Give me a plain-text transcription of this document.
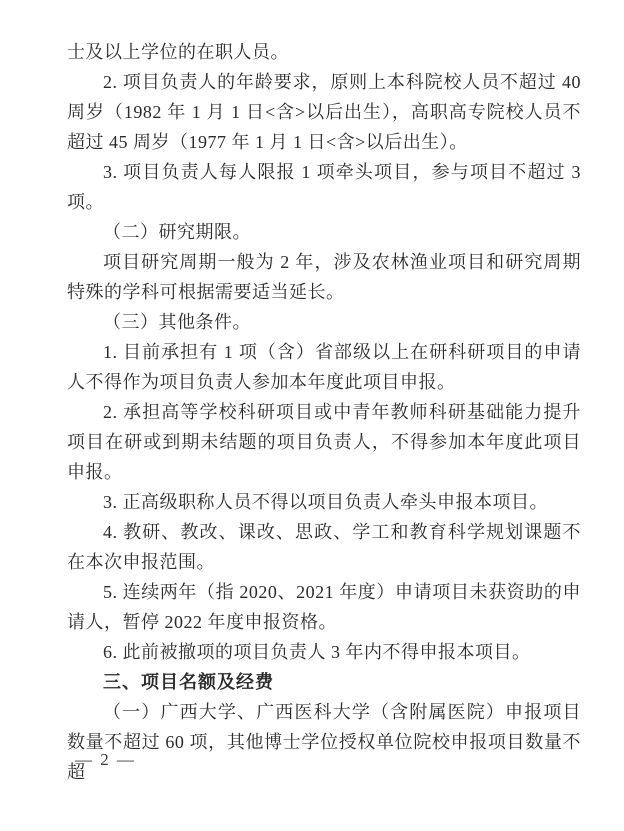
士及以上学位的在职人员。

2. 项目负责人的年龄要求，原则上本科院校人员不超过 40 周岁（1982 年 1 月 1 日<含>以后出生），高职高专院校人员不超过 45 周岁（1977 年 1 月 1 日<含>以后出生）。

3. 项目负责人每人限报 1 项牵头项目，参与项目不超过 3 项。

（二）研究期限。

项目研究周期一般为 2 年，涉及农林渔业项目和研究周期特殊的学科可根据需要适当延长。

（三）其他条件。

1. 目前承担有 1 项（含）省部级以上在研科研项目的申请人不得作为项目负责人参加本年度此项目申报。

2. 承担高等学校科研项目或中青年教师科研基础能力提升项目在研或到期未结题的项目负责人，不得参加本年度此项目申报。

3. 正高级职称人员不得以项目负责人牵头申报本项目。

4. 教研、教改、课改、思政、学工和教育科学规划课题不在本次申报范围。

5. 连续两年（指 2020、2021 年度）申请项目未获资助的申请人，暂停 2022 年度申报资格。

6. 此前被撤项的项目负责人 3 年内不得申报本项目。

三、项目名额及经费

（一）广西大学、广西医科大学（含附属医院）申报项目数量不超过 60 项，其他博士学位授权单位院校申报项目数量不超

— 2 —
